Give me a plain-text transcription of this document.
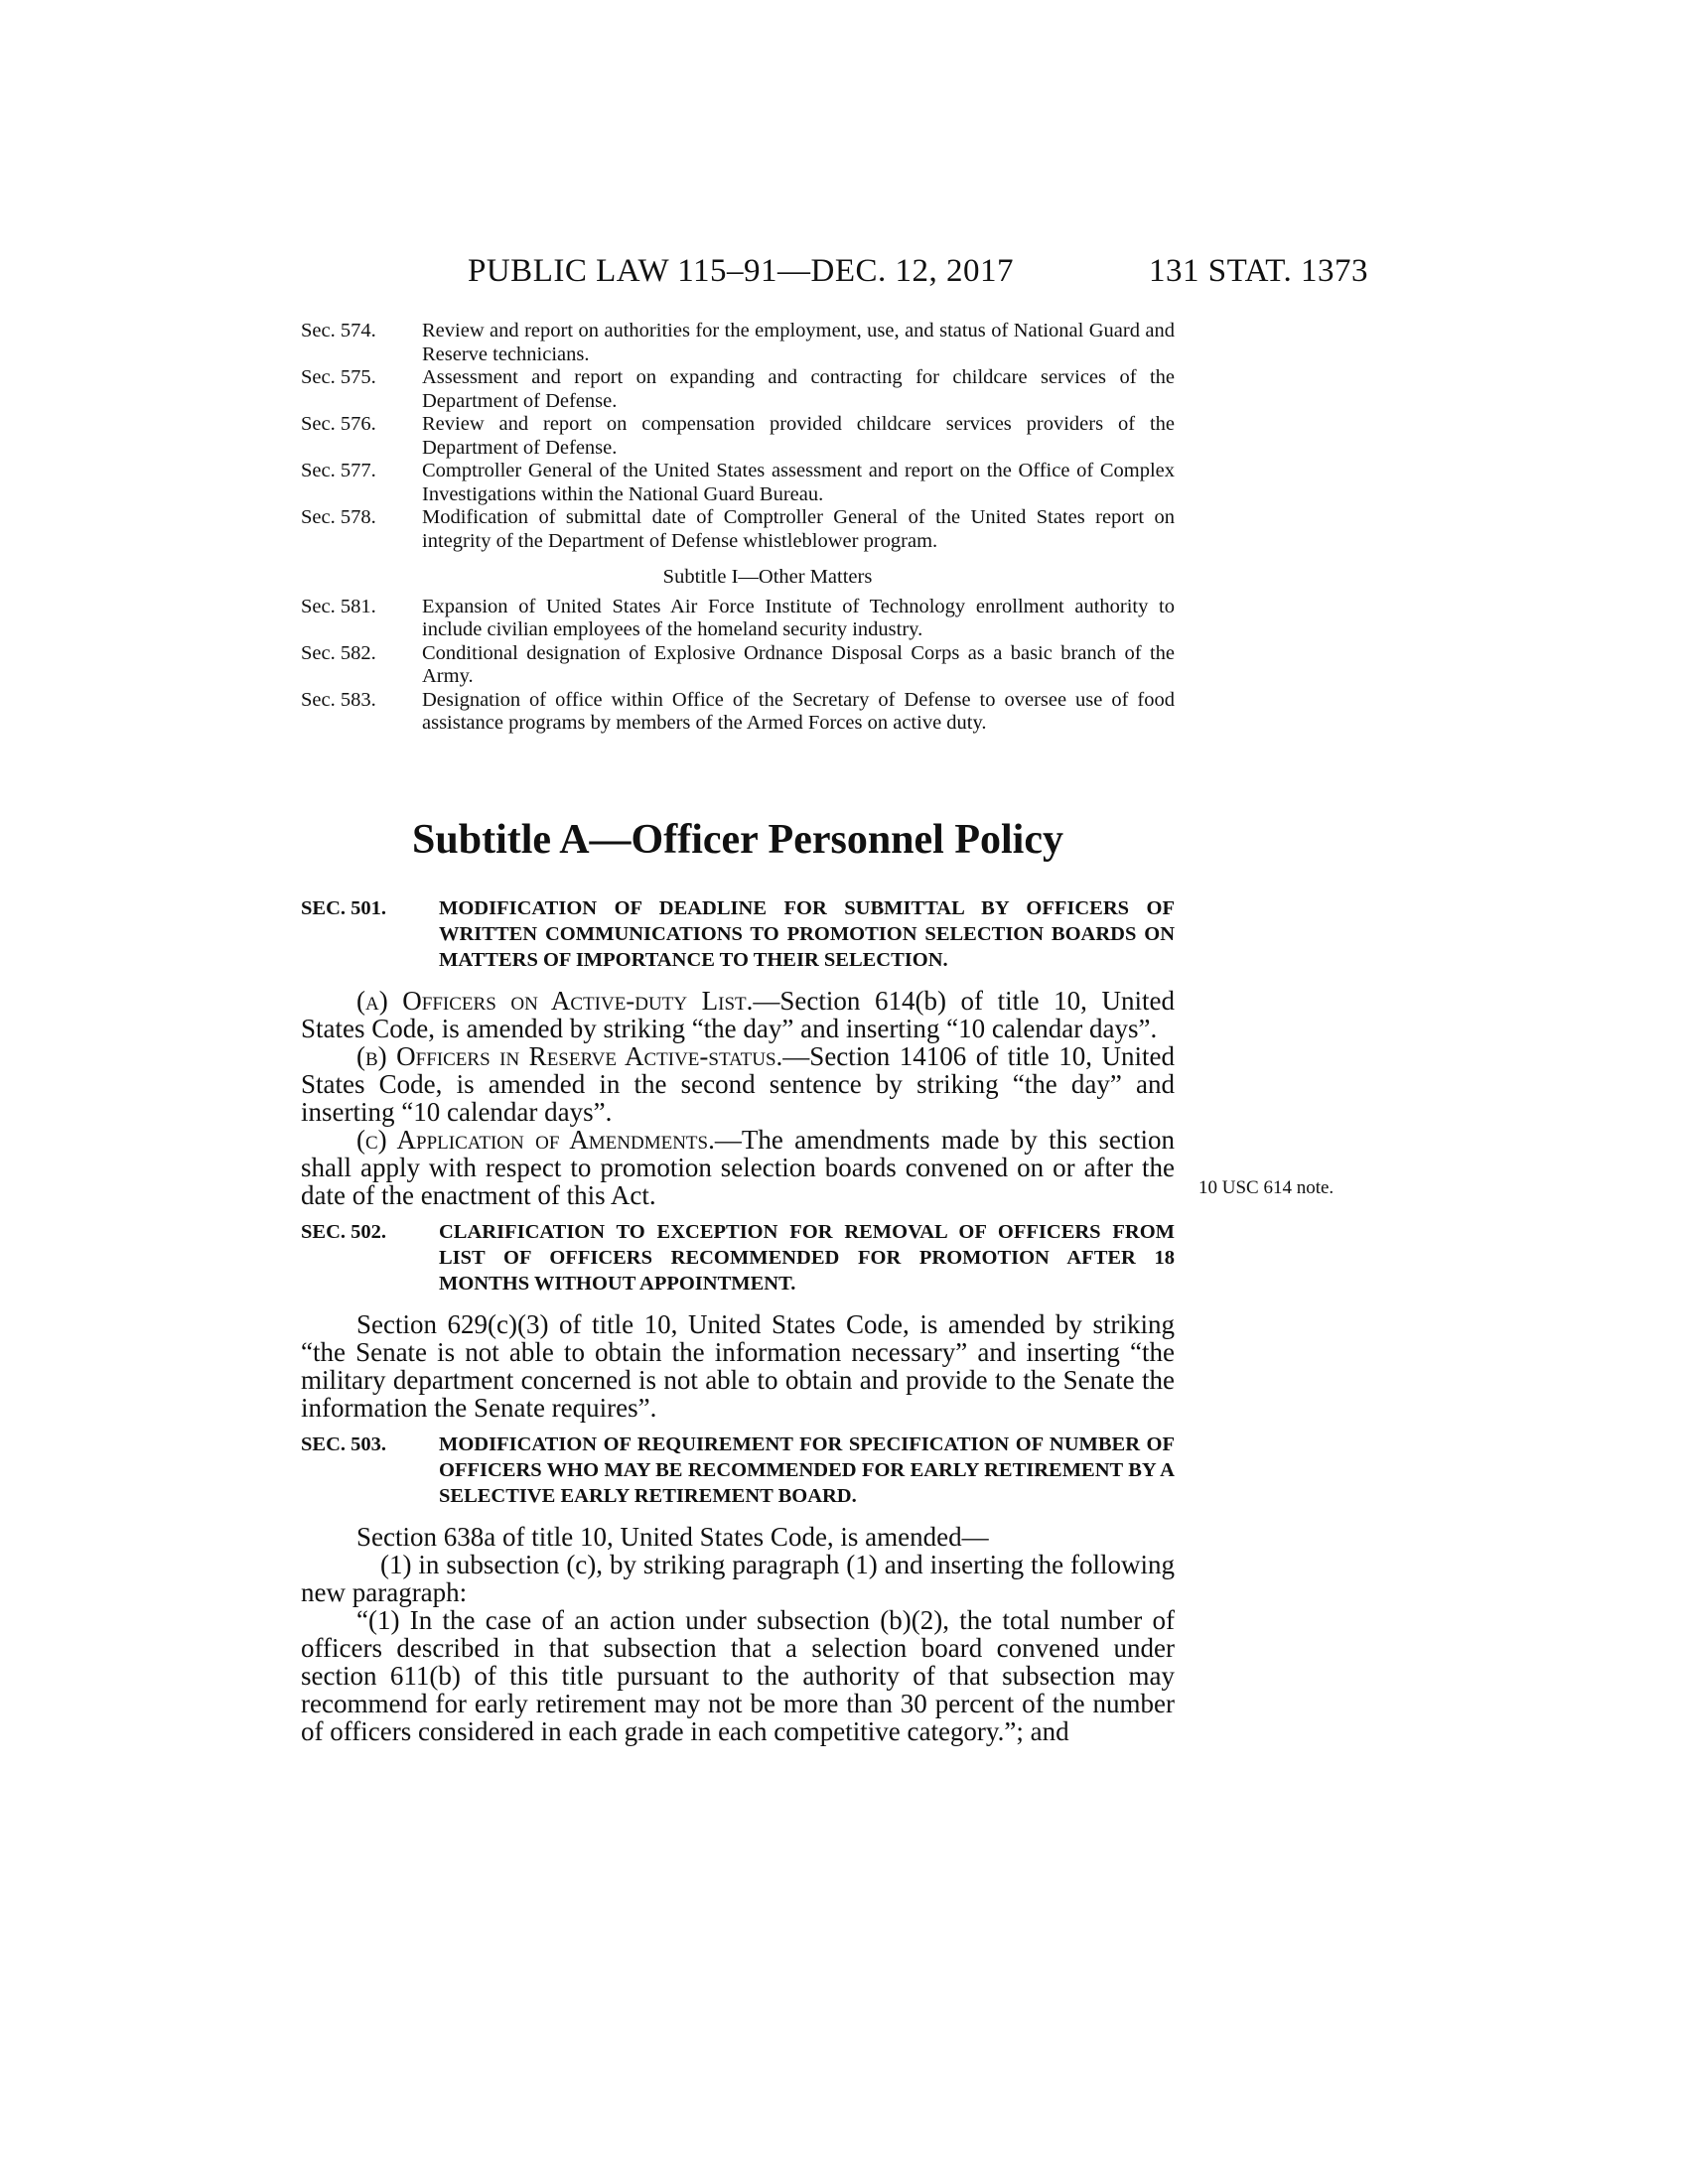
PUBLIC LAW 115–91—DEC. 12, 2017	131 STAT. 1373
Sec. 574.	Review and report on authorities for the employment, use, and status of National Guard and Reserve technicians.
Sec. 575.	Assessment and report on expanding and contracting for childcare services of the Department of Defense.
Sec. 576.	Review and report on compensation provided childcare services providers of the Department of Defense.
Sec. 577.	Comptroller General of the United States assessment and report on the Office of Complex Investigations within the National Guard Bureau.
Sec. 578.	Modification of submittal date of Comptroller General of the United States report on integrity of the Department of Defense whistleblower program.
Subtitle I—Other Matters
Sec. 581.	Expansion of United States Air Force Institute of Technology enrollment authority to include civilian employees of the homeland security industry.
Sec. 582.	Conditional designation of Explosive Ordnance Disposal Corps as a basic branch of the Army.
Sec. 583.	Designation of office within Office of the Secretary of Defense to oversee use of food assistance programs by members of the Armed Forces on active duty.
Subtitle A—Officer Personnel Policy
SEC. 501.	MODIFICATION OF DEADLINE FOR SUBMITTAL BY OFFICERS OF WRITTEN COMMUNICATIONS TO PROMOTION SELECTION BOARDS ON MATTERS OF IMPORTANCE TO THEIR SELECTION.

(a) Officers on Active-duty List.—Section 614(b) of title 10, United States Code, is amended by striking “the day” and inserting “10 calendar days”.

(b) Officers in Reserve Active-status.—Section 14106 of title 10, United States Code, is amended in the second sentence by striking “the day” and inserting “10 calendar days”.

(c) Application of Amendments.—The amendments made by this section shall apply with respect to promotion selection boards convened on or after the date of the enactment of this Act.

SEC. 502.	CLARIFICATION TO EXCEPTION FOR REMOVAL OF OFFICERS FROM LIST OF OFFICERS RECOMMENDED FOR PROMOTION AFTER 18 MONTHS WITHOUT APPOINTMENT.

Section 629(c)(3) of title 10, United States Code, is amended by striking “the Senate is not able to obtain the information necessary” and inserting “the military department concerned is not able to obtain and provide to the Senate the information the Senate requires”.

SEC. 503.	MODIFICATION OF REQUIREMENT FOR SPECIFICATION OF NUMBER OF OFFICERS WHO MAY BE RECOMMENDED FOR EARLY RETIREMENT BY A SELECTIVE EARLY RETIREMENT BOARD.

Section 638a of title 10, United States Code, is amended—

(1) in subsection (c), by striking paragraph (1) and inserting the following new paragraph:

“(1) In the case of an action under subsection (b)(2), the total number of officers described in that subsection that a selection board convened under section 611(b) of this title pursuant to the authority of that subsection may recommend for early retirement may not be more than 30 percent of the number of officers considered in each grade in each competitive category.”; and

10 USC 614 note.
